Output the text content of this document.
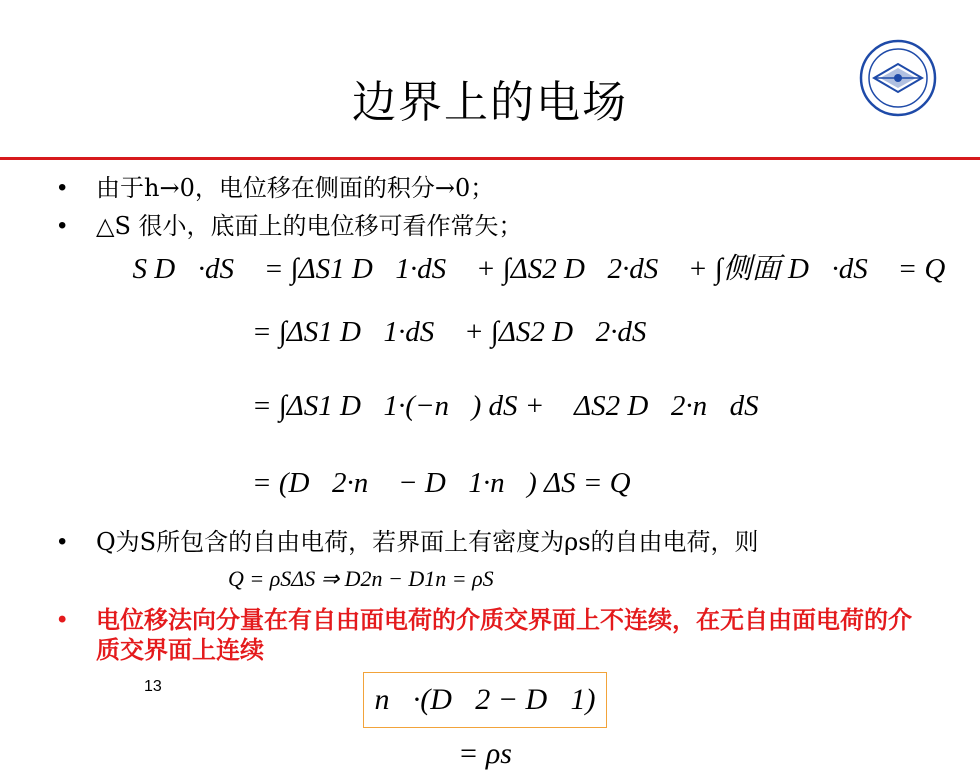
边界上的电场
• 由于h→0，电位移在侧面的积分→0；
• △S 很小，底面上的电位移可看作常矢；
∯S D⃗·dS⃗ = ∫ΔS1 D⃗1·dS⃗ + ∫ΔS2 D⃗2·dS⃗ + ∫侧面 D⃗·dS⃗ = Q
= ∫ΔS1 D⃗1·dS⃗ + ∫ΔS2 D⃗2·dS⃗
= ∫ΔS1 D⃗1·(−n⃗) dS + ∯ΔS2 D⃗2·n⃗dS
= (D⃗2·n⃗ − D⃗1·n⃗) ΔS = Q
• Q为S所包含的自由电荷，若界面上有密度为ρs的自由电荷，则
Q = ρSΔS ⇒ D2n − D1n = ρS
• 电位移法向分量在有自由面电荷的介质交界面上不连续，在无自由面电荷的介质交界面上连续
13	n⃗·(D⃗2 − D⃗1) = ρs
